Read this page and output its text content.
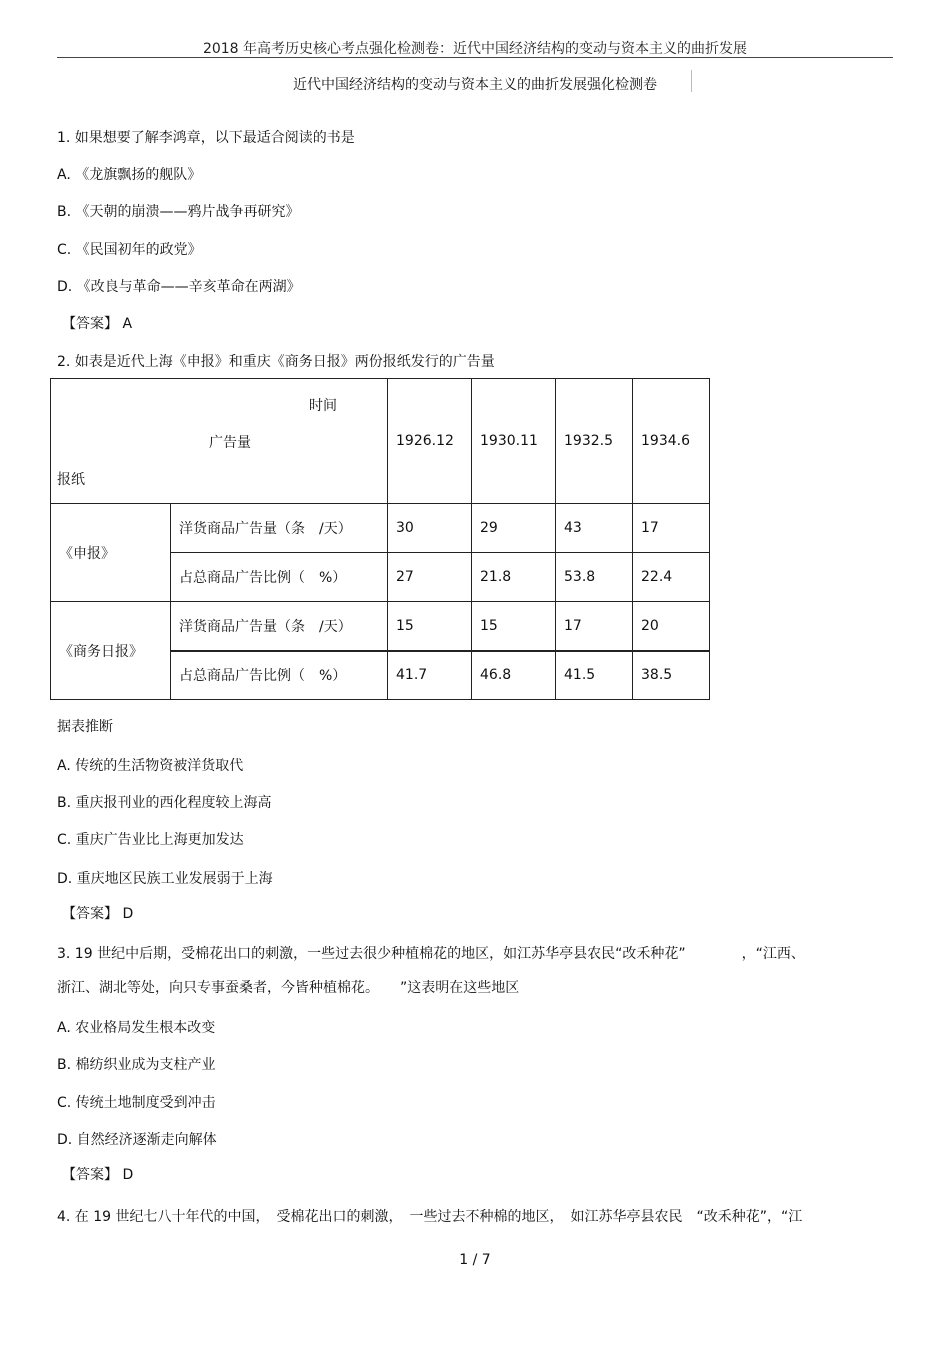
2018 年高考历史核心考点强化检测卷：近代中国经济结构的变动与资本主义的曲折发展
近代中国经济结构的变动与资本主义的曲折发展强化检测卷
1. 如果想要了解李鸿章，以下最适合阅读的书是
A. 《龙旗飘扬的舰队》
B. 《天朝的崩溃——鸦片战争再研究》
C. 《民国初年的政党》
D. 《改良与革命——辛亥革命在两湖》
【答案】 A
2. 如表是近代上海《申报》和重庆《商务日报》两份报纸发行的广告量
时间
广告量
报纸		1926.12	1930.11	1932.5	1934.6
《申报》	洋货商品广告量（条　/天）	30	29	43	17
	占总商品广告比例（　%）	27	21.8	53.8	22.4
《商务日报》	洋货商品广告量（条　/天）	15	15	17	20
	占总商品广告比例（　%）	41.7	46.8	41.5	38.5
据表推断
A. 传统的生活物资被洋货取代
B. 重庆报刊业的西化程度较上海高
C. 重庆广告业比上海更加发达
D. 重庆地区民族工业发展弱于上海
【答案】 D
3. 19 世纪中后期，受棉花出口的刺激，一些过去很少种植棉花的地区，如江苏华亭县农民“改禾种花”　　　　，“江西、
浙江、湖北等处，向只专事蚕桑者，今皆种植棉花。　　”这表明在这些地区
A. 农业格局发生根本改变
B. 棉纺织业成为支柱产业
C. 传统土地制度受到冲击
D. 自然经济逐渐走向解体
【答案】 D
4. 在 19 世纪七八十年代的中国，　受棉花出口的刺激，　一些过去不种棉的地区，　如江苏华亭县农民　“改禾种花”，“江
1 / 7
